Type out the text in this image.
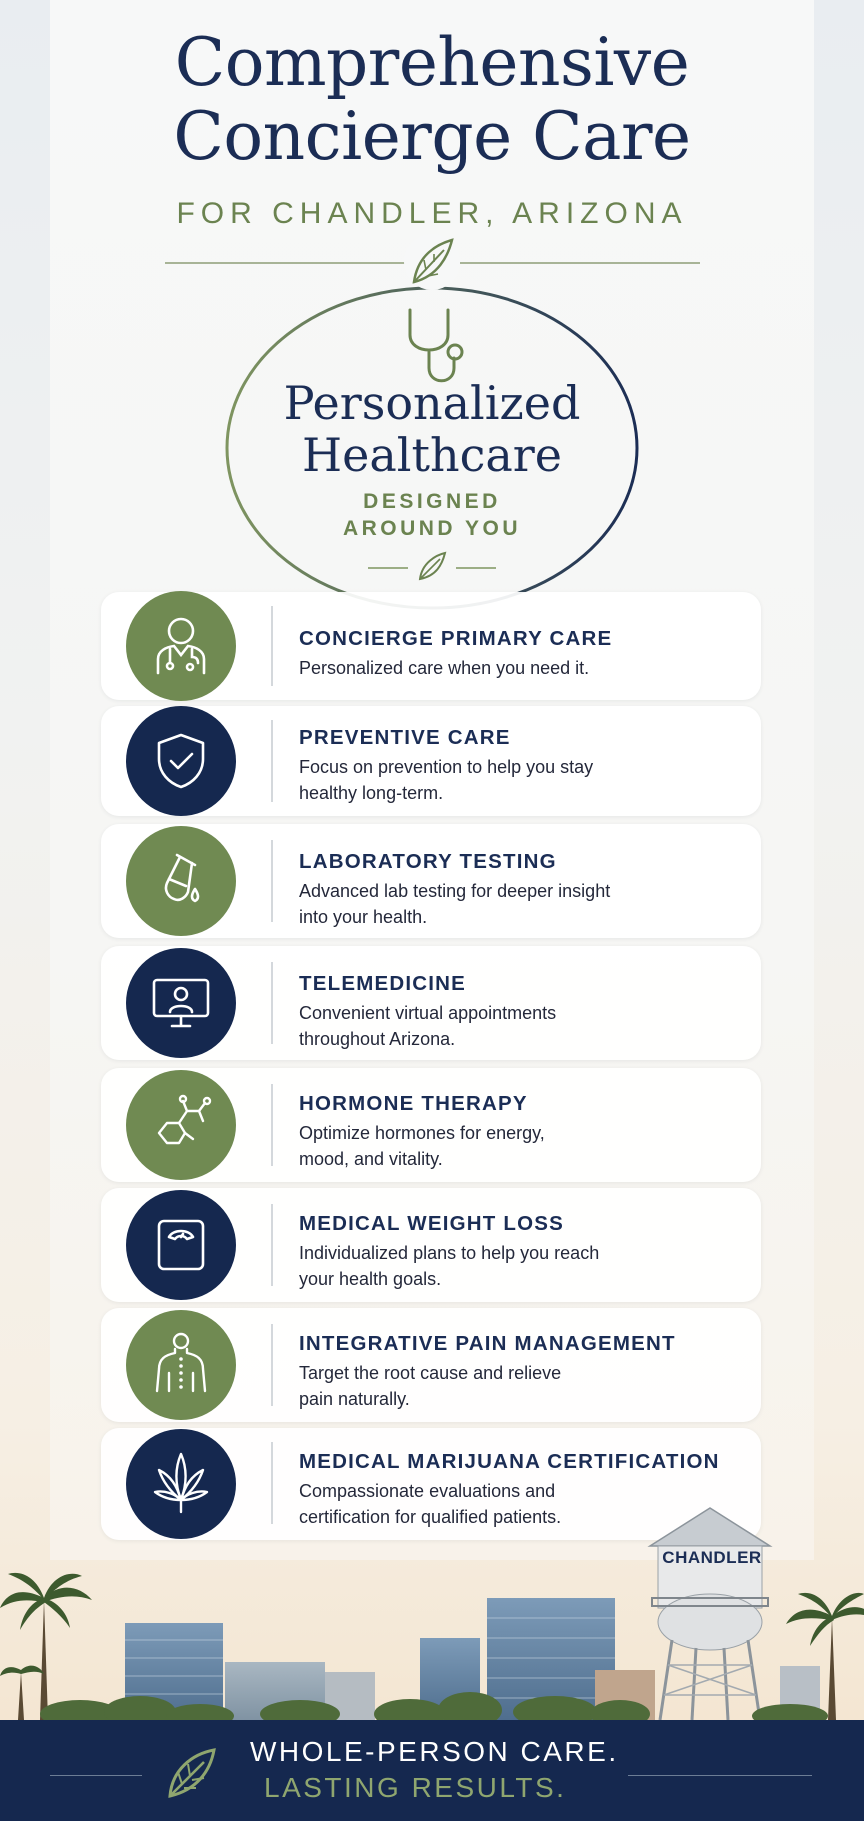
Comprehensive
Concierge Care
FOR CHANDLER, ARIZONA
Personalized
Healthcare
DESIGNED
AROUND YOU
CONCIERGE PRIMARY CARE
Personalized care when you need it.
PREVENTIVE CARE
Focus on prevention to help you stay healthy long-term.
LABORATORY TESTING
Advanced lab testing for deeper insight into your health.
TELEMEDICINE
Convenient virtual appointments throughout Arizona.
HORMONE THERAPY
Optimize hormones for energy, mood, and vitality.
MEDICAL WEIGHT LOSS
Individualized plans to help you reach your health goals.
INTEGRATIVE PAIN MANAGEMENT
Target the root cause and relieve pain naturally.
MEDICAL MARIJUANA CERTIFICATION
Compassionate evaluations and certification for qualified patients.
CHANDLER
WHOLE-PERSON CARE.
LASTING RESULTS.
